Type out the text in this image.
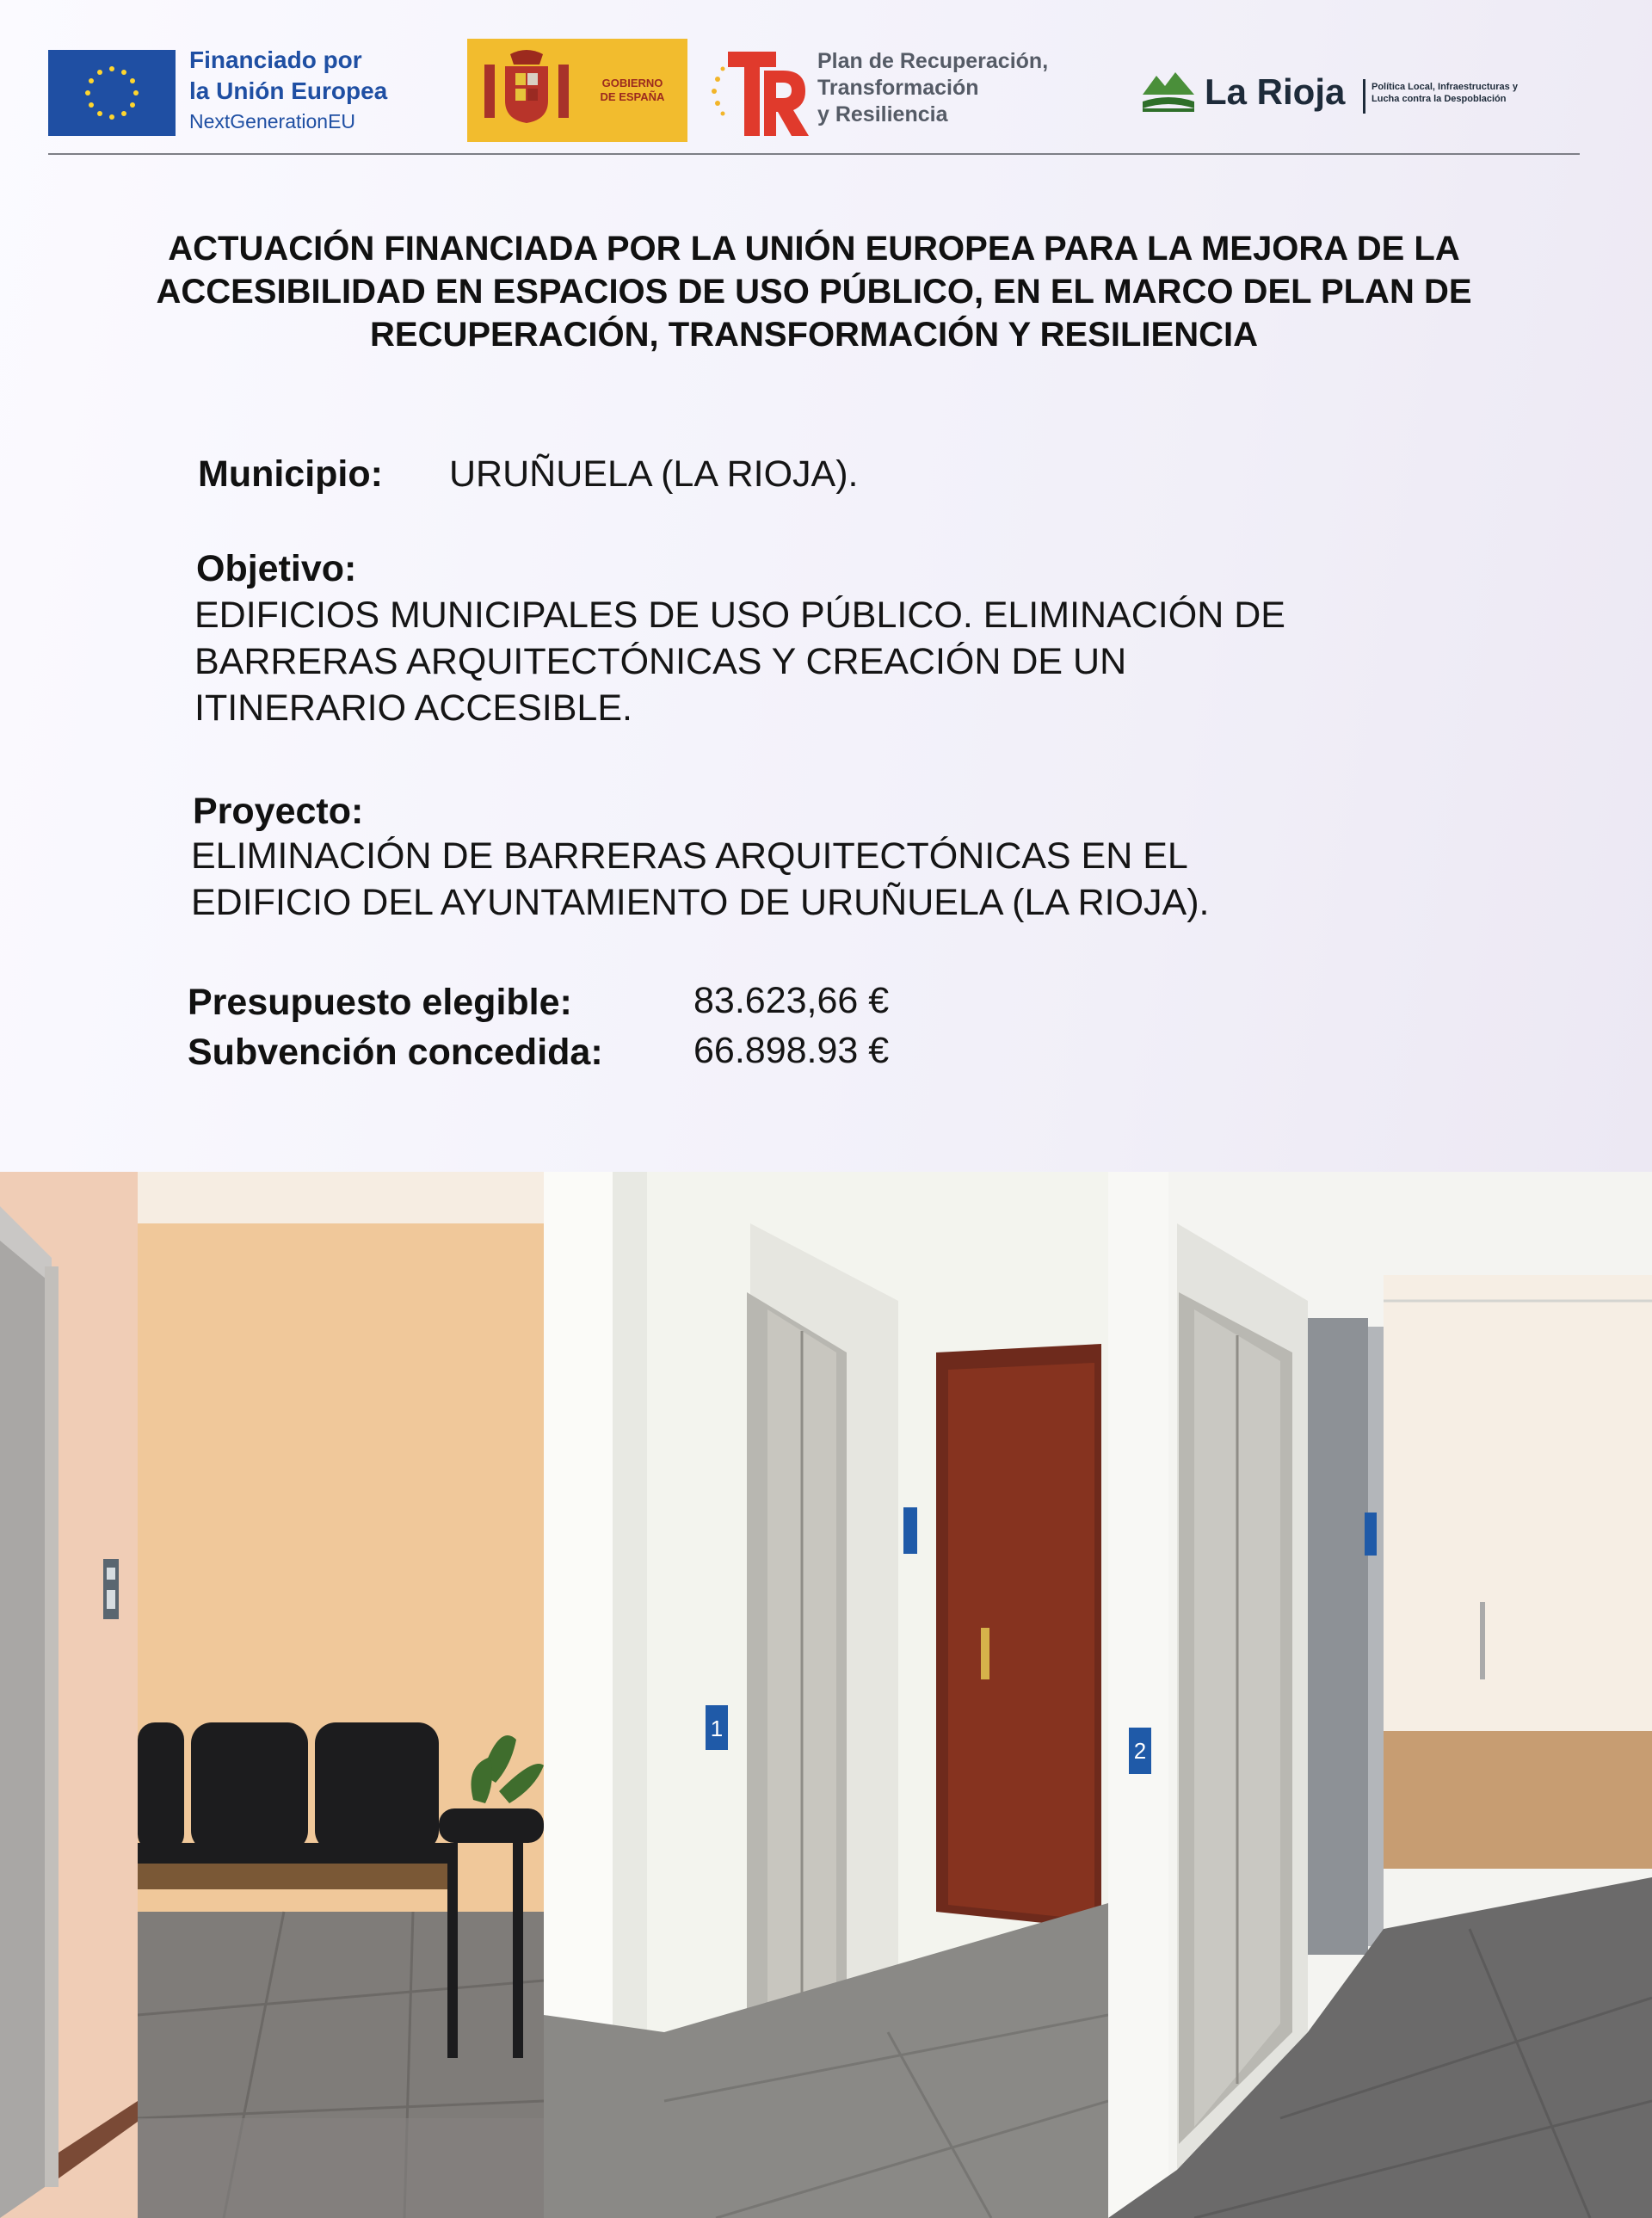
Financiado por
la Unión Europea
NextGenerationEU
GOBIERNO
DE ESPAÑA
Plan de Recuperación,
Transformación
y Resiliencia
La Rioja	Política Local, Infraestructuras y
Lucha contra la Despoblación
ACTUACIÓN FINANCIADA POR LA UNIÓN EUROPEA PARA LA MEJORA DE LA
ACCESIBILIDAD EN ESPACIOS DE USO PÚBLICO, EN EL MARCO DEL PLAN DE
RECUPERACIÓN, TRANSFORMACIÓN Y RESILIENCIA
Municipio: URUÑUELA (LA RIOJA).
Objetivo:
EDIFICIOS MUNICIPALES DE USO PÚBLICO. ELIMINACIÓN DE
BARRERAS ARQUITECTÓNICAS Y CREACIÓN DE UN
ITINERARIO ACCESIBLE.
Proyecto:
ELIMINACIÓN DE BARRERAS ARQUITECTÓNICAS EN EL
EDIFICIO DEL AYUNTAMIENTO DE URUÑUELA (LA RIOJA).
Presupuesto elegible:	83.623,66 €
Subvención concedida: 66.898.93 €
1
2
